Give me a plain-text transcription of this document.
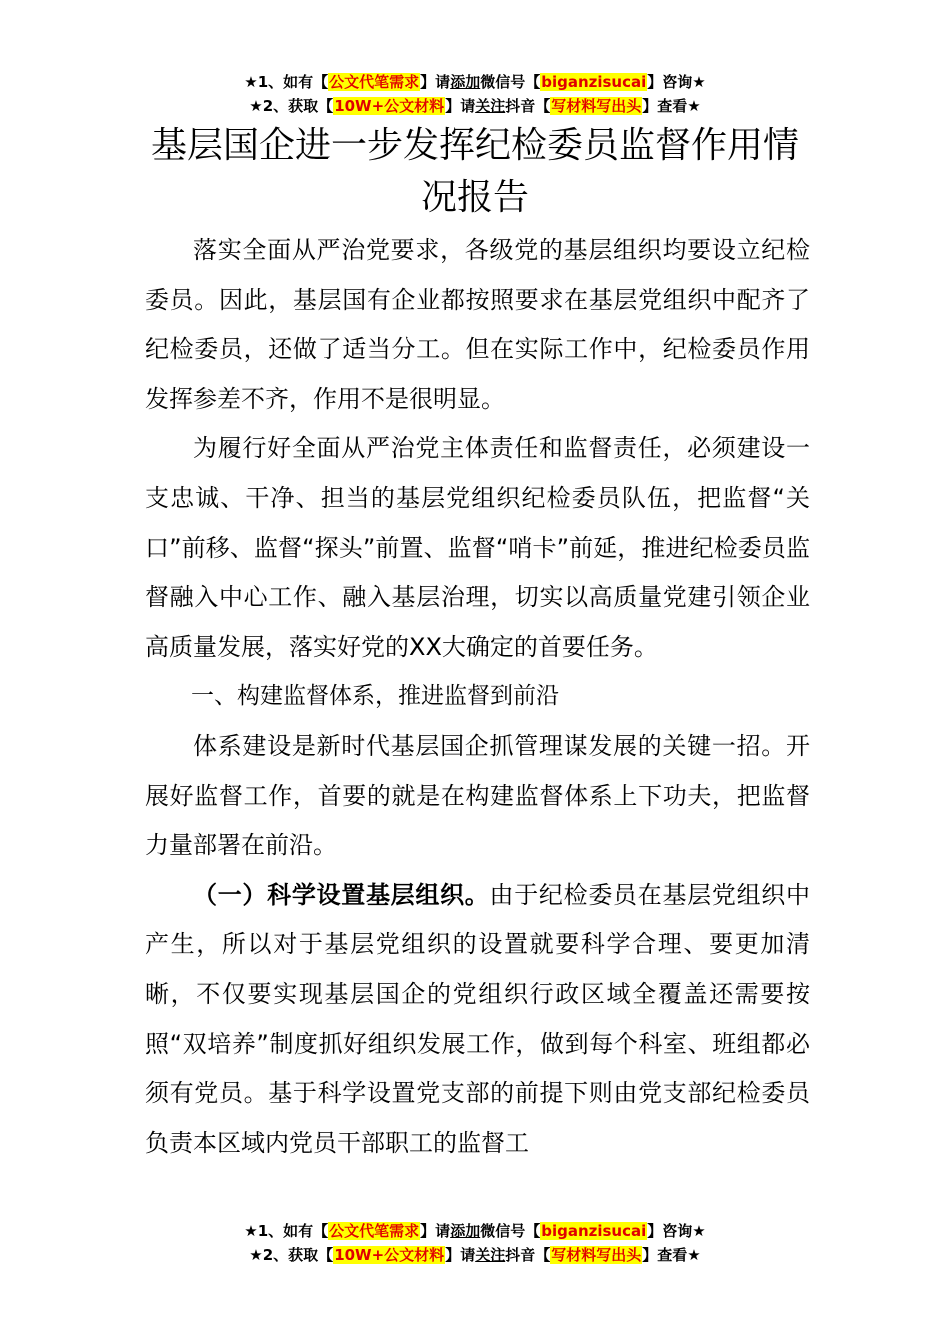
★1、如有【公文代笔需求】请添加微信号【biganzisucai】咨询★
★2、获取【10W+公文材料】请关注抖音【写材料写出头】查看★
基层国企进一步发挥纪检委员监督作用情况报告

落实全面从严治党要求，各级党的基层组织均要设立纪检委员。因此，基层国有企业都按照要求在基层党组织中配齐了纪检委员，还做了适当分工。但在实际工作中，纪检委员作用发挥参差不齐，作用不是很明显。

为履行好全面从严治党主体责任和监督责任，必须建设一支忠诚、干净、担当的基层党组织纪检委员队伍，把监督“关口”前移、监督“探头”前置、监督“哨卡”前延，推进纪检委员监督融入中心工作、融入基层治理，切实以高质量党建引领企业高质量发展，落实好党的XX大确定的首要任务。

一、构建监督体系，推进监督到前沿

体系建设是新时代基层国企抓管理谋发展的关键一招。开展好监督工作，首要的就是在构建监督体系上下功夫，把监督力量部署在前沿。

（一）科学设置基层组织。由于纪检委员在基层党组织中产生，所以对于基层党组织的设置就要科学合理、要更加清晰，不仅要实现基层国企的党组织行政区域全覆盖还需要按照“双培养”制度抓好组织发展工作，做到每个科室、班组都必须有党员。基于科学设置党支部的前提下则由党支部纪检委员负责本区域内党员干部职工的监督工

★1、如有【公文代笔需求】请添加微信号【biganzisucai】咨询★
★2、获取【10W+公文材料】请关注抖音【写材料写出头】查看★
